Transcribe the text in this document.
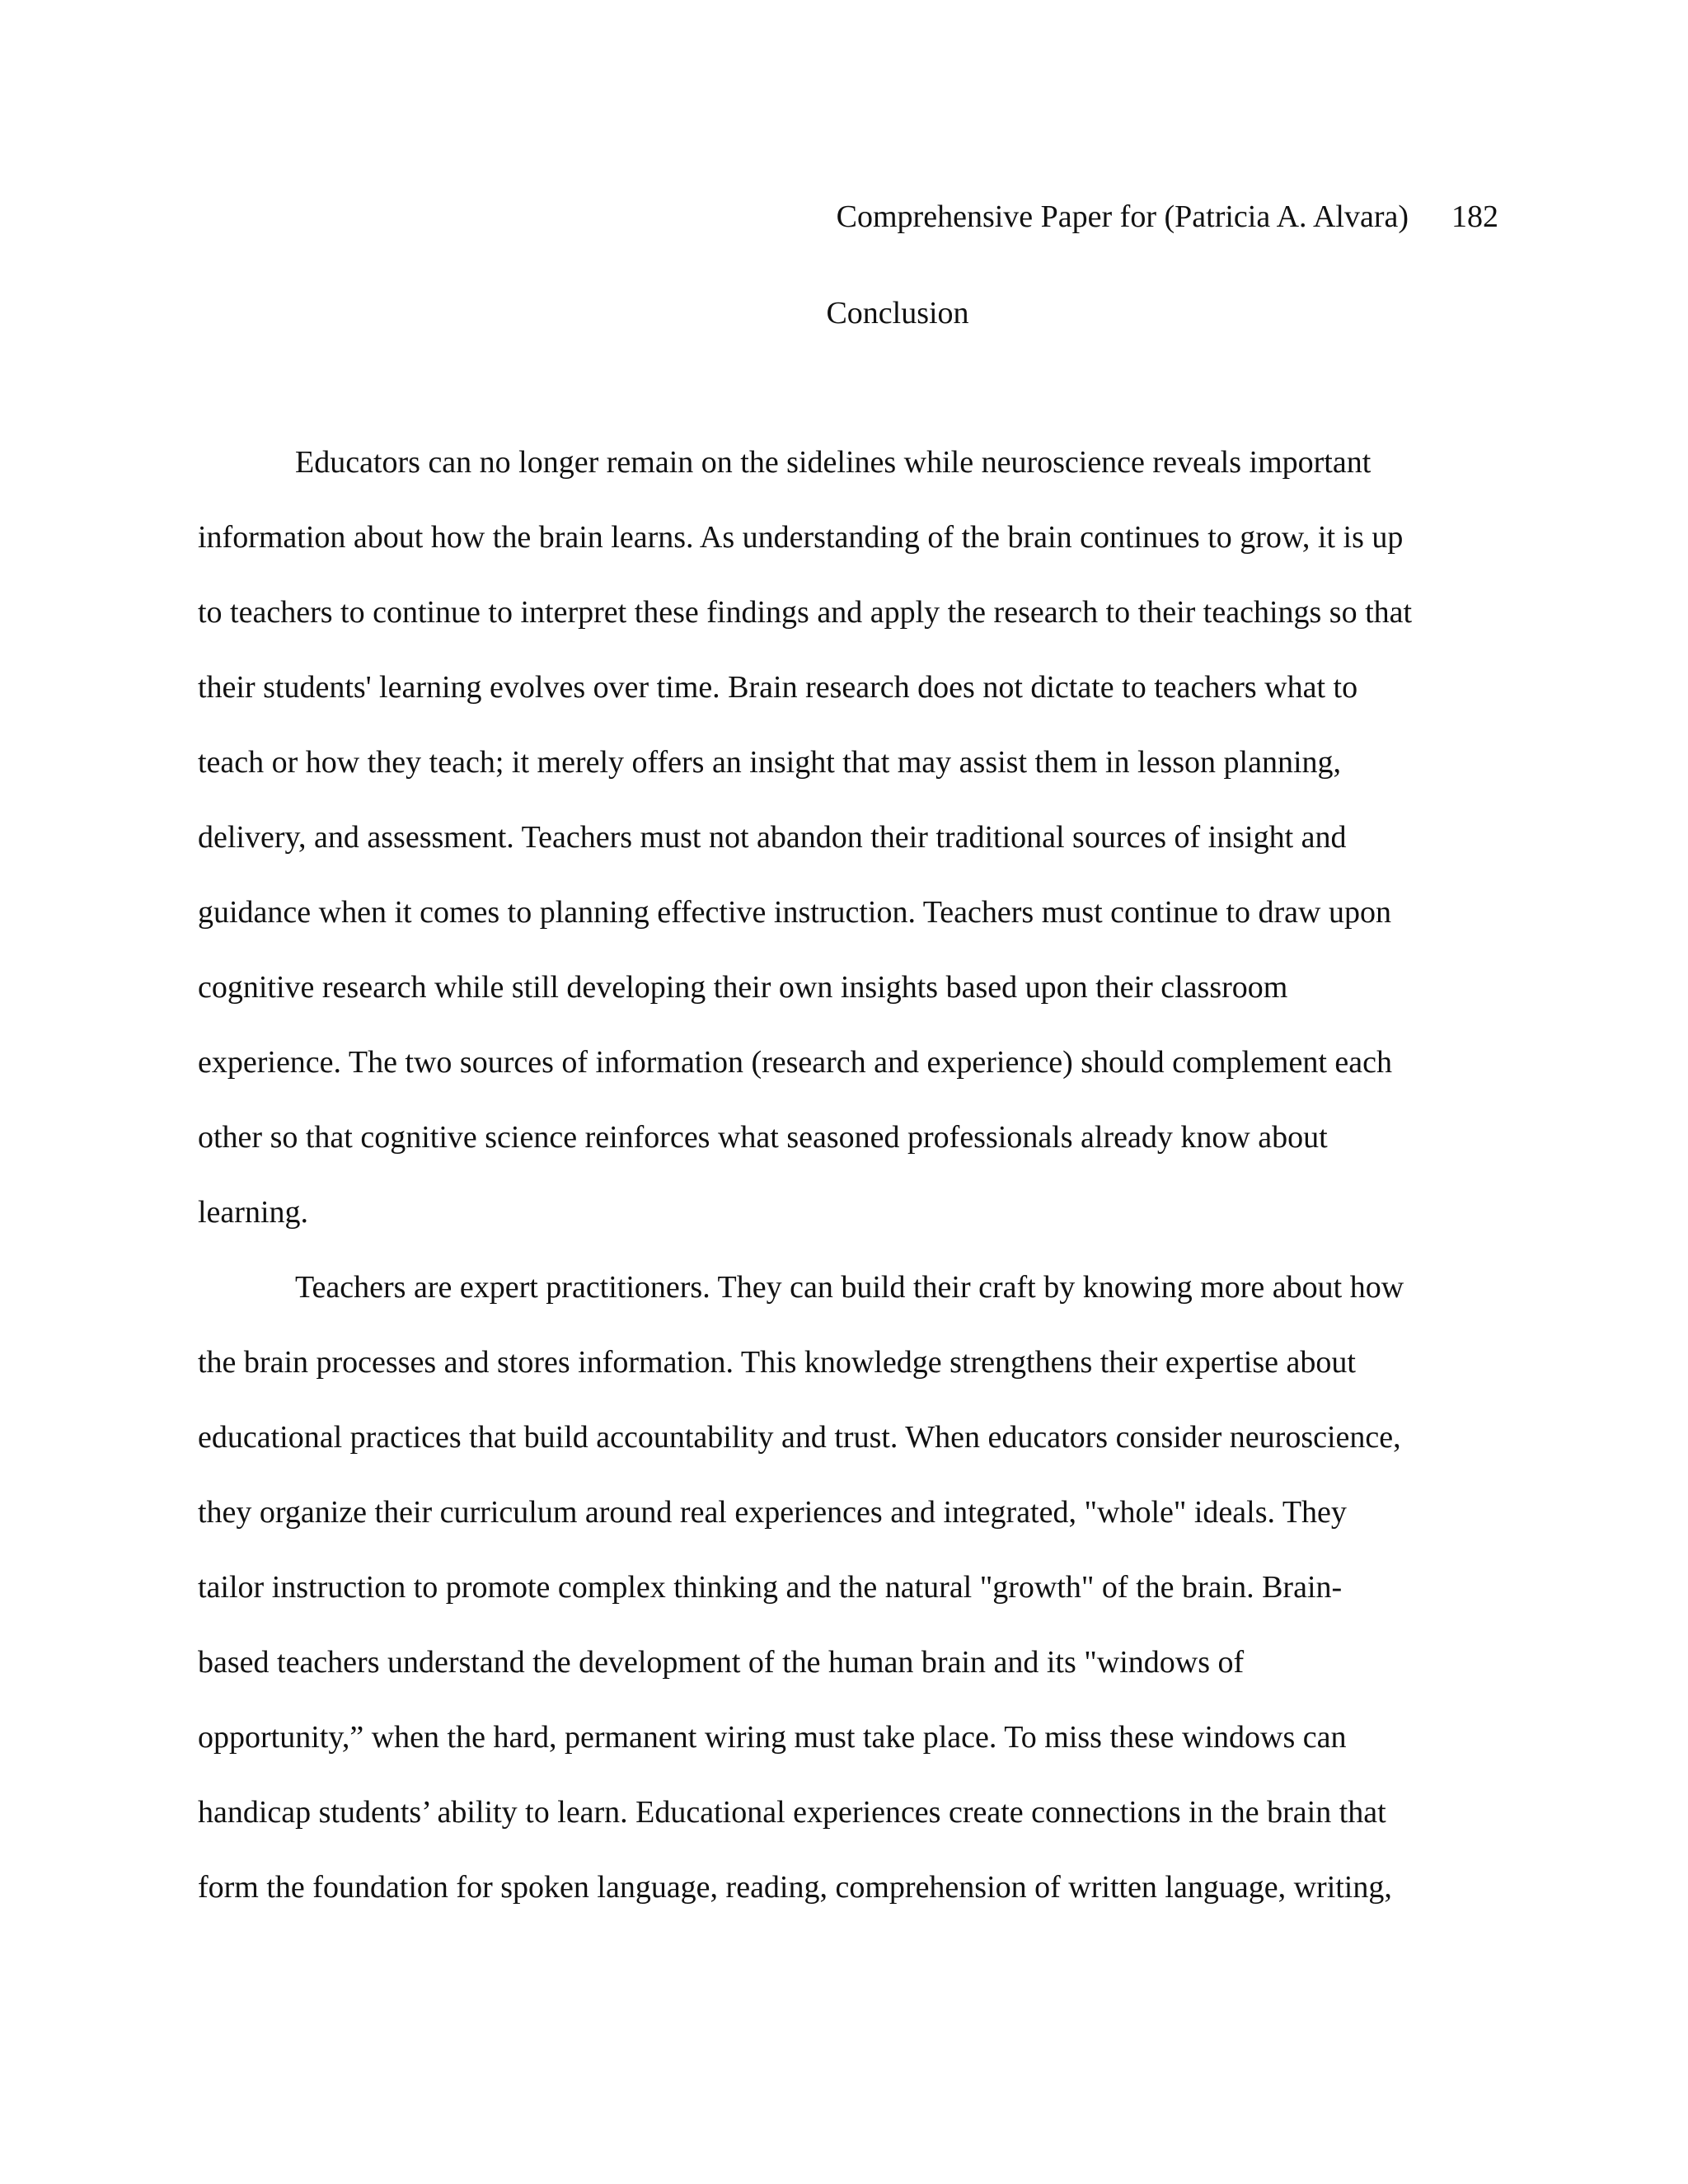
Comprehensive Paper for (Patricia A. Alvara) 182
Conclusion
Educators can no longer remain on the sidelines while neuroscience reveals important
information about how the brain learns. As understanding of the brain continues to grow, it is up
to teachers to continue to interpret these findings and apply the research to their teachings so that
their students' learning evolves over time. Brain research does not dictate to teachers what to
teach or how they teach; it merely offers an insight that may assist them in lesson planning,
delivery, and assessment. Teachers must not abandon their traditional sources of insight and
guidance when it comes to planning effective instruction. Teachers must continue to draw upon
cognitive research while still developing their own insights based upon their classroom
experience. The two sources of information (research and experience) should complement each
other so that cognitive science reinforces what seasoned professionals already know about
learning.
Teachers are expert practitioners. They can build their craft by knowing more about how
the brain processes and stores information. This knowledge strengthens their expertise about
educational practices that build accountability and trust. When educators consider neuroscience,
they organize their curriculum around real experiences and integrated, "whole" ideals. They
tailor instruction to promote complex thinking and the natural "growth" of the brain. Brain-
based teachers understand the development of the human brain and its "windows of
opportunity,” when the hard, permanent wiring must take place. To miss these windows can
handicap students’ ability to learn. Educational experiences create connections in the brain that
form the foundation for spoken language, reading, comprehension of written language, writing,
